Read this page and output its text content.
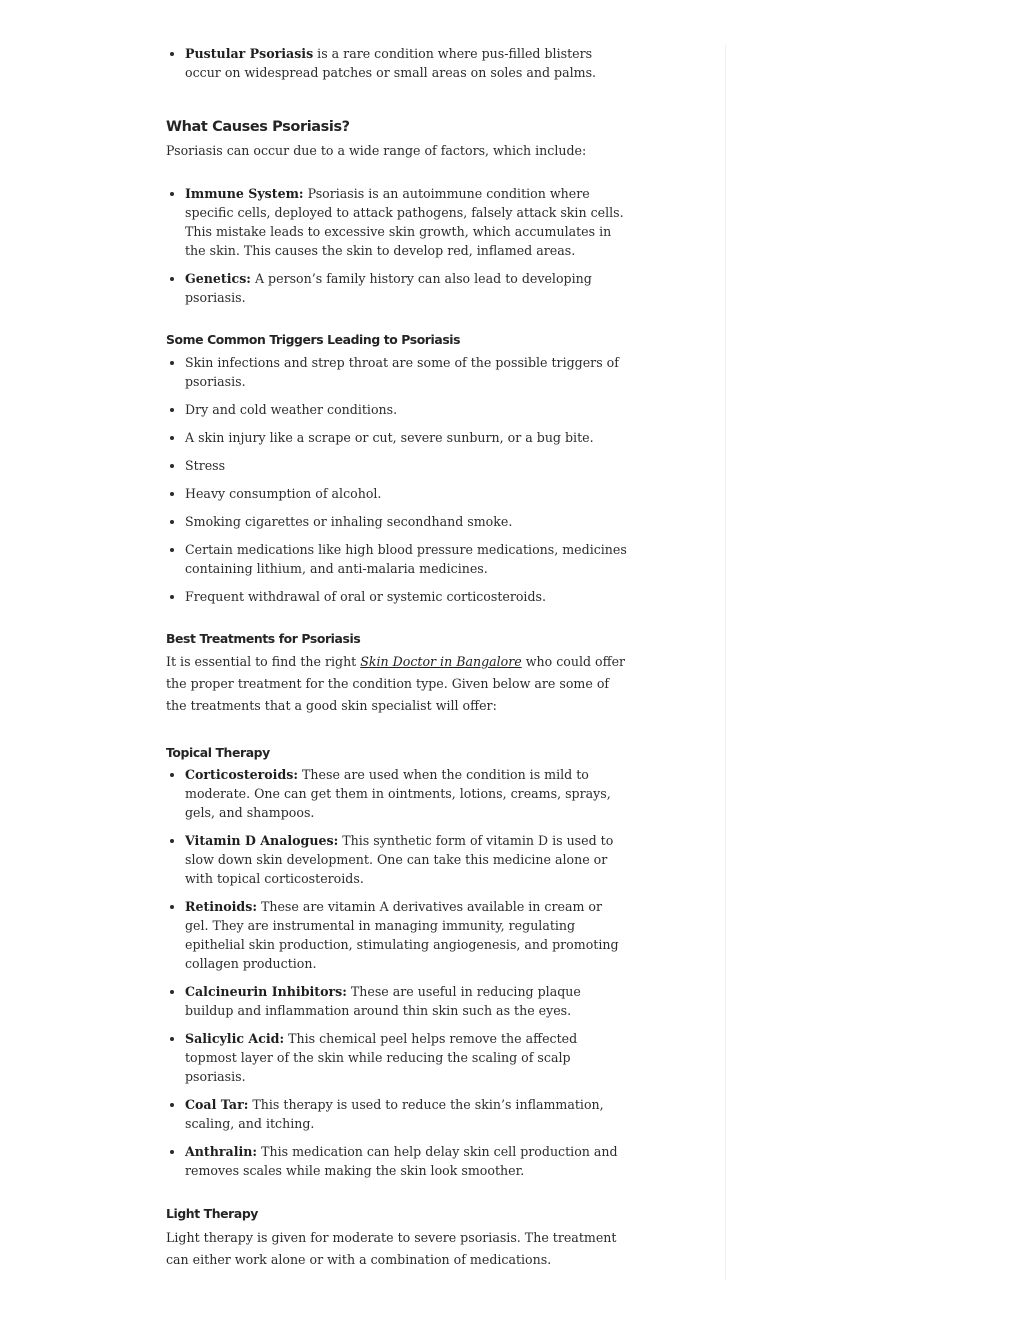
• Pustular Psoriasis is a rare condition where pus-filled blisters occur on widespread patches or small areas on soles and palms.
What Causes Psoriasis?

Psoriasis can occur due to a wide range of factors, which include:

• Immune System: Psoriasis is an autoimmune condition where specific cells, deployed to attack pathogens, falsely attack skin cells. This mistake leads to excessive skin growth, which accumulates in the skin. This causes the skin to develop red, inflamed areas.
• Genetics: A person’s family history can also lead to developing psoriasis.
Some Common Triggers Leading to Psoriasis
• Skin infections and strep throat are some of the possible triggers of psoriasis.
• Dry and cold weather conditions.
• A skin injury like a scrape or cut, severe sunburn, or a bug bite.
• Stress
• Heavy consumption of alcohol.
• Smoking cigarettes or inhaling secondhand smoke.
• Certain medications like high blood pressure medications, medicines containing lithium, and anti-malaria medicines.
• Frequent withdrawal of oral or systemic corticosteroids.
Best Treatments for Psoriasis

It is essential to find the right Skin Doctor in Bangalore who could offer the proper treatment for the condition type. Given below are some of the treatments that a good skin specialist will offer:

Topical Therapy
• Corticosteroids: These are used when the condition is mild to moderate. One can get them in ointments, lotions, creams, sprays, gels, and shampoos.
• Vitamin D Analogues: This synthetic form of vitamin D is used to slow down skin development. One can take this medicine alone or with topical corticosteroids.
• Retinoids: These are vitamin A derivatives available in cream or gel. They are instrumental in managing immunity, regulating epithelial skin production, stimulating angiogenesis, and promoting collagen production.
• Calcineurin Inhibitors: These are useful in reducing plaque buildup and inflammation around thin skin such as the eyes.
• Salicylic Acid: This chemical peel helps remove the affected topmost layer of the skin while reducing the scaling of scalp psoriasis.
• Coal Tar: This therapy is used to reduce the skin’s inflammation, scaling, and itching.
• Anthralin: This medication can help delay skin cell production and removes scales while making the skin look smoother.
Light Therapy

Light therapy is given for moderate to severe psoriasis. The treatment can either work alone or with a combination of medications.
